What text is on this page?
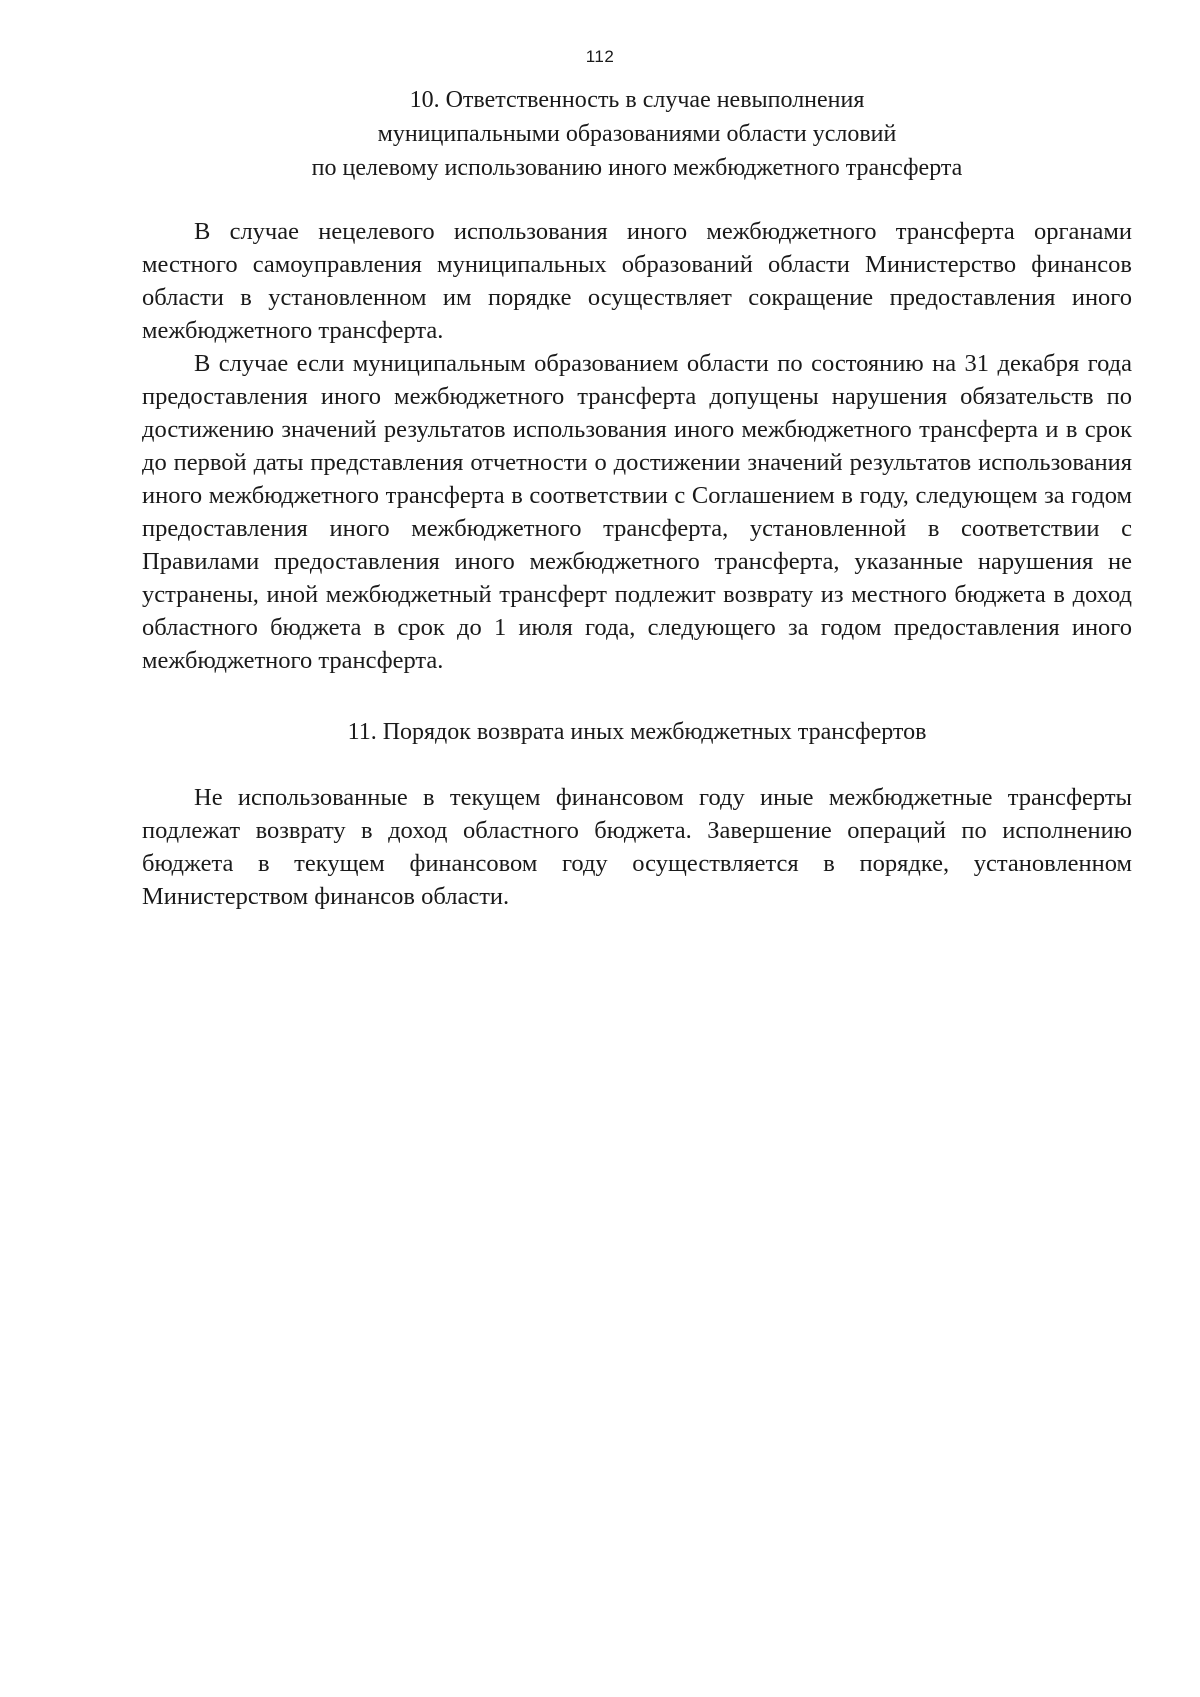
112
10. Ответственность в случае невыполнения
муниципальными образованиями области условий
по целевому использованию иного межбюджетного трансферта

В случае нецелевого использования иного межбюджетного трансферта органами местного самоуправления муниципальных образований области Министерство финансов области в установленном им порядке осуществляет сокращение предоставления иного межбюджетного трансферта.

В случае если муниципальным образованием области по состоянию на 31 декабря года предоставления иного межбюджетного трансферта допущены нарушения обязательств по достижению значений результатов использования иного межбюджетного трансферта и в срок до первой даты представления отчетности о достижении значений результатов использования иного межбюджетного трансферта в соответствии с Соглашением в году, следующем за годом предоставления иного межбюджетного трансферта, установленной в соответствии с Правилами предоставления иного межбюджетного трансферта, указанные нарушения не устранены, иной межбюджетный трансферт подлежит возврату из местного бюджета в доход областного бюджета в срок до 1 июля года, следующего за годом предоставления иного межбюджетного трансферта.

11. Порядок возврата иных межбюджетных трансфертов

Не использованные в текущем финансовом году иные межбюджетные трансферты подлежат возврату в доход областного бюджета. Завершение операций по исполнению бюджета в текущем финансовом году осуществляется в порядке, установленном Министерством финансов области.
